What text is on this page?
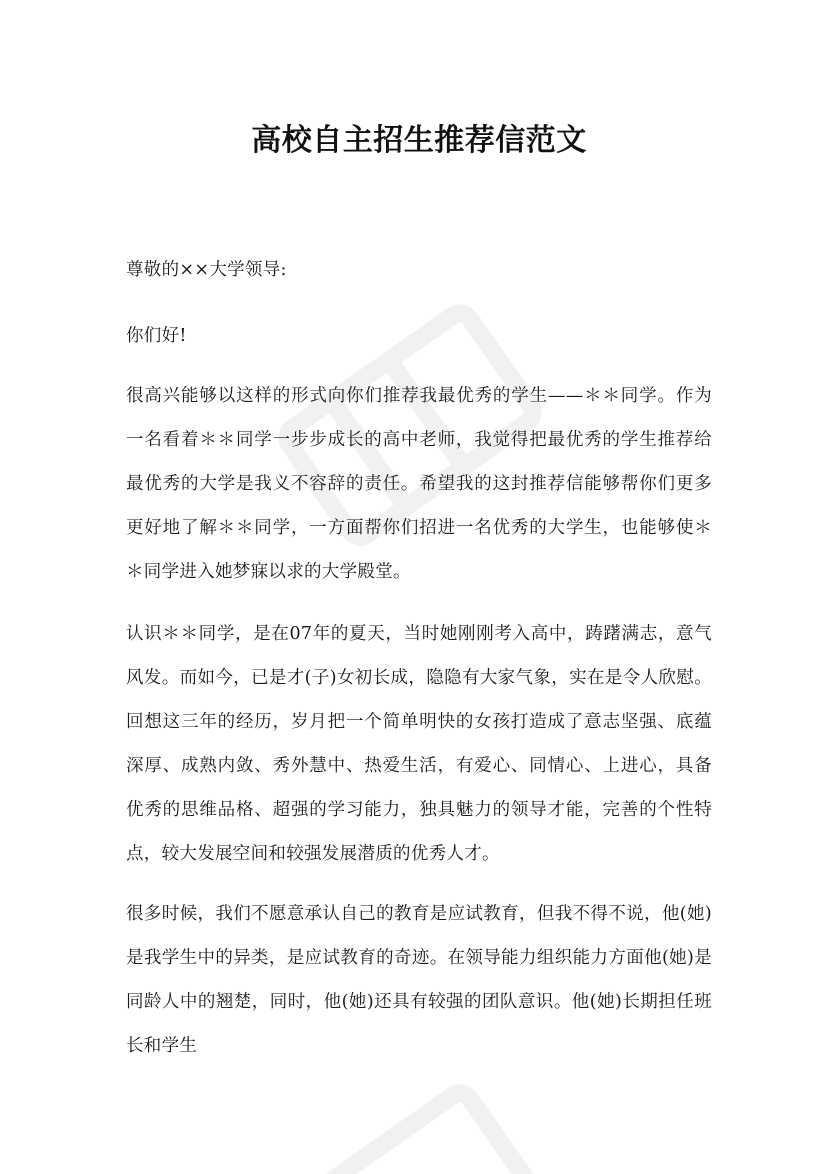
高校自主招生推荐信范文

尊敬的××大学领导:

你们好!

很高兴能够以这样的形式向你们推荐我最优秀的学生——＊＊同学。作为一名看着＊＊同学一步步成长的高中老师，我觉得把最优秀的学生推荐给最优秀的大学是我义不容辞的责任。希望我的这封推荐信能够帮你们更多更好地了解＊＊同学，一方面帮你们招进一名优秀的大学生，也能够使＊＊同学进入她梦寐以求的大学殿堂。

认识＊＊同学，是在07年的夏天，当时她刚刚考入高中，踌躇满志，意气风发。而如今，已是才(子)女初长成，隐隐有大家气象，实在是令人欣慰。回想这三年的经历，岁月把一个简单明快的女孩打造成了意志坚强、底蕴深厚、成熟内敛、秀外慧中、热爱生活，有爱心、同情心、上进心，具备优秀的思维品格、超强的学习能力，独具魅力的领导才能，完善的个性特点，较大发展空间和较强发展潜质的优秀人才。

很多时候，我们不愿意承认自己的教育是应试教育，但我不得不说，他(她)是我学生中的异类，是应试教育的奇迹。在领导能力组织能力方面他(她)是同龄人中的翘楚，同时，他(她)还具有较强的团队意识。他(她)长期担任班长和学生
